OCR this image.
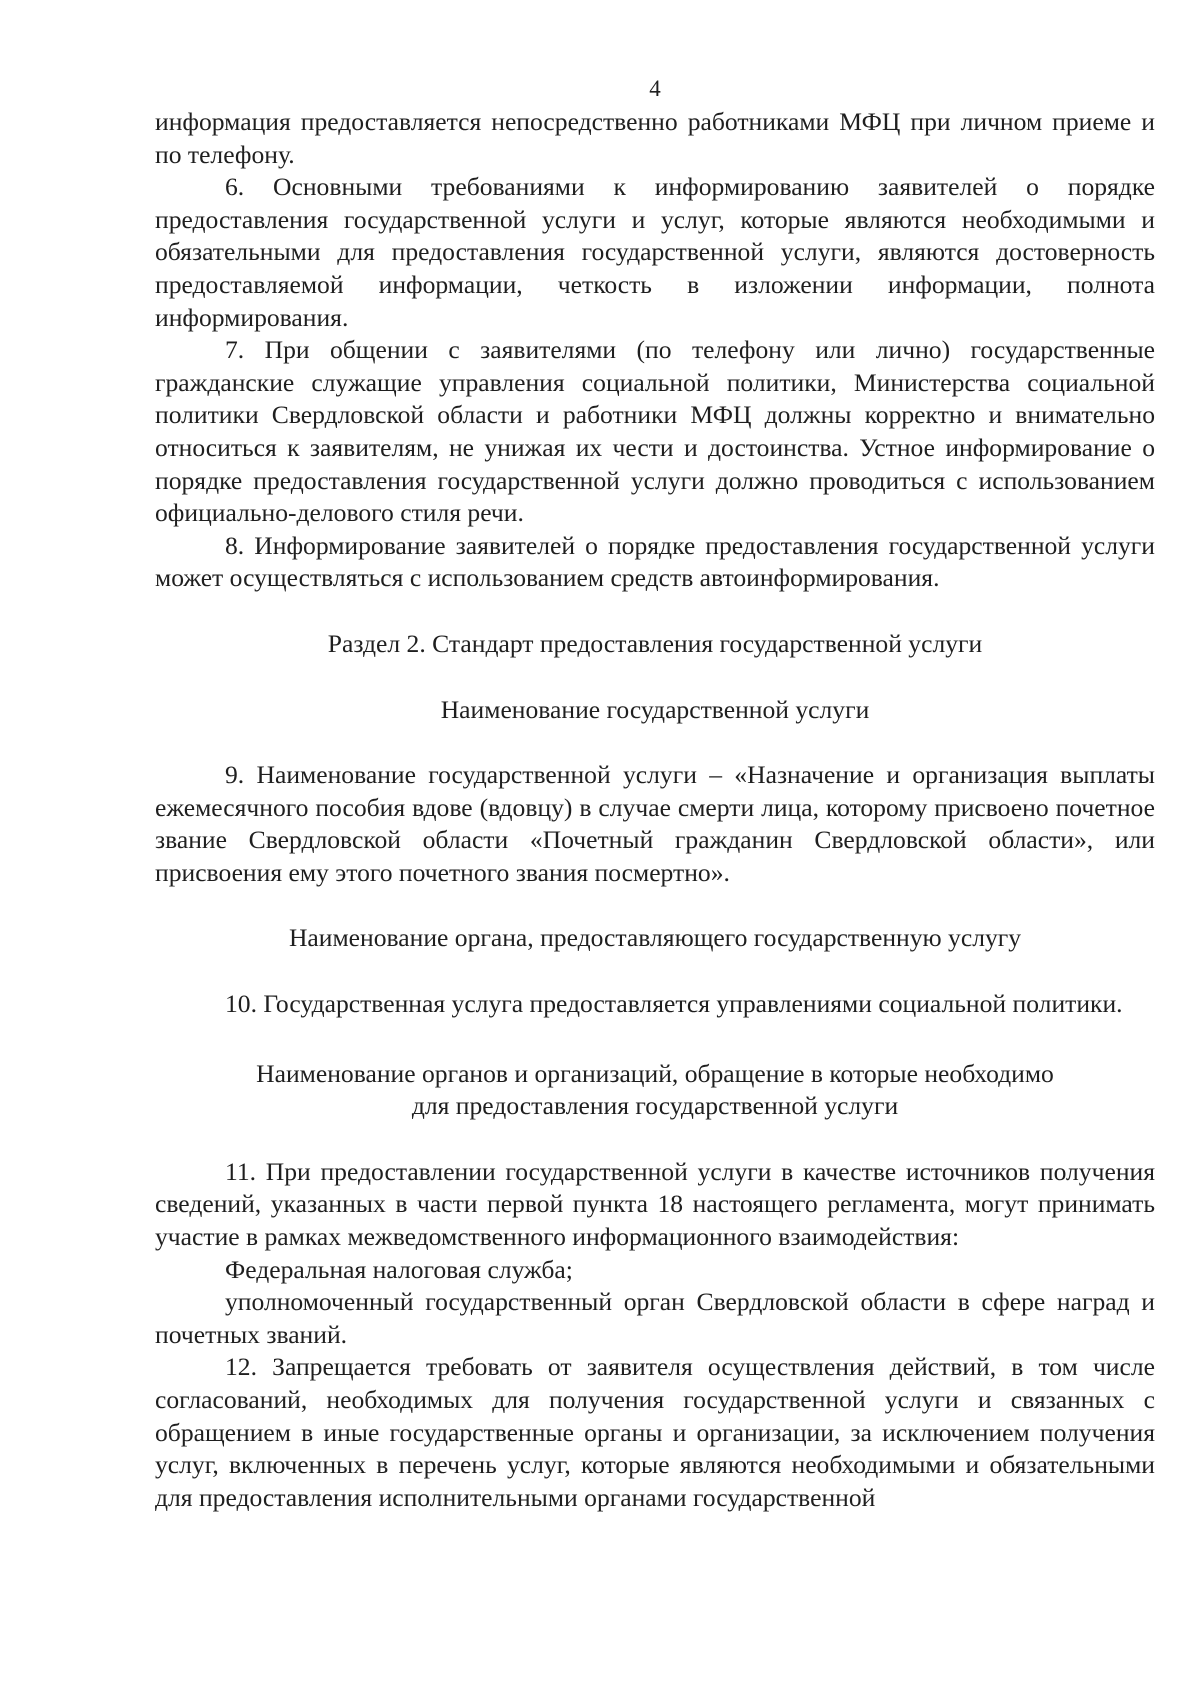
4

информация предоставляется непосредственно работниками МФЦ при личном приеме и по телефону.

6. Основными требованиями к информированию заявителей о порядке предоставления государственной услуги и услуг, которые являются необходимыми и обязательными для предоставления государственной услуги, являются достоверность предоставляемой информации, четкость в изложении информации, полнота информирования.

7. При общении с заявителями (по телефону или лично) государственные гражданские служащие управления социальной политики, Министерства социальной политики Свердловской области и работники МФЦ должны корректно и внимательно относиться к заявителям, не унижая их чести и достоинства. Устное информирование о порядке предоставления государственной услуги должно проводиться с использованием официально-делового стиля речи.

8. Информирование заявителей о порядке предоставления государственной услуги может осуществляться с использованием средств автоинформирования.

Раздел 2. Стандарт предоставления государственной услуги

Наименование государственной услуги

9. Наименование государственной услуги – «Назначение и организация выплаты ежемесячного пособия вдове (вдовцу) в случае смерти лица, которому присвоено почетное звание Свердловской области «Почетный гражданин Свердловской области», или присвоения ему этого почетного звания посмертно».

Наименование органа, предоставляющего государственную услугу

10. Государственная услуга предоставляется управлениями социальной политики.

Наименование органов и организаций, обращение в которые необходимо

для предоставления государственной услуги

11. При предоставлении государственной услуги в качестве источников получения сведений, указанных в части первой пункта 18 настоящего регламента, могут принимать участие в рамках межведомственного информационного взаимодействия:

Федеральная налоговая служба;

уполномоченный государственный орган Свердловской области в сфере наград и почетных званий.

12. Запрещается требовать от заявителя осуществления действий, в том числе согласований, необходимых для получения государственной услуги и связанных с обращением в иные государственные органы и организации, за исключением получения услуг, включенных в перечень услуг, которые являются необходимыми и обязательными для предоставления исполнительными органами государственной
